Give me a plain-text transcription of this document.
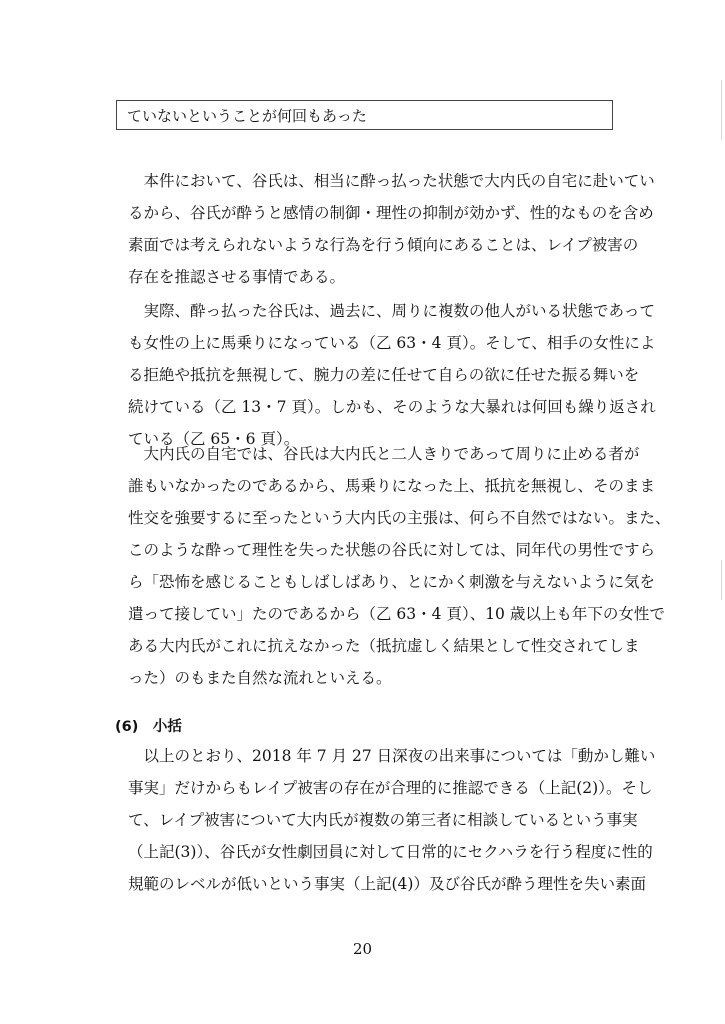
ていないということが何回もあった

　本件において、谷氏は、相当に酔っ払った状態で大内氏の自宅に赴いてい
るから、谷氏が酔うと感情の制御・理性の抑制が効かず、性的なものを含め
素面では考えられないような行為を行う傾向にあることは、レイプ被害の
存在を推認させる事情である。

　実際、酔っ払った谷氏は、過去に、周りに複数の他人がいる状態であって
も女性の上に馬乗りになっている（乙 63・4 頁）。そして、相手の女性によ
る拒絶や抵抗を無視して、腕力の差に任せて自らの欲に任せた振る舞いを
続けている（乙 13・7 頁）。しかも、そのような大暴れは何回も繰り返され
ている（乙 65・6 頁）。

　大内氏の自宅では、谷氏は大内氏と二人きりであって周りに止める者が
誰もいなかったのであるから、馬乗りになった上、抵抗を無視し、そのまま
性交を強要するに至ったという大内氏の主張は、何ら不自然ではない。また、
このような酔って理性を失った状態の谷氏に対しては、同年代の男性ですら
ら「恐怖を感じることもしばしばあり、とにかく刺激を与えないように気を
遣って接してい」たのであるから（乙 63・4 頁）、10 歳以上も年下の女性で
ある大内氏がこれに抗えなかった（抵抗虚しく結果として性交されてしま
った）のもまた自然な流れといえる。

(6)　小括

　以上のとおり、2018 年 7 月 27 日深夜の出来事については「動かし難い
事実」だけからもレイプ被害の存在が合理的に推認できる（上記(2)）。そし
て、レイプ被害について大内氏が複数の第三者に相談しているという事実
（上記(3)）、谷氏が女性劇団員に対して日常的にセクハラを行う程度に性的
規範のレベルが低いという事実（上記(4)）及び谷氏が酔う理性を失い素面

20
